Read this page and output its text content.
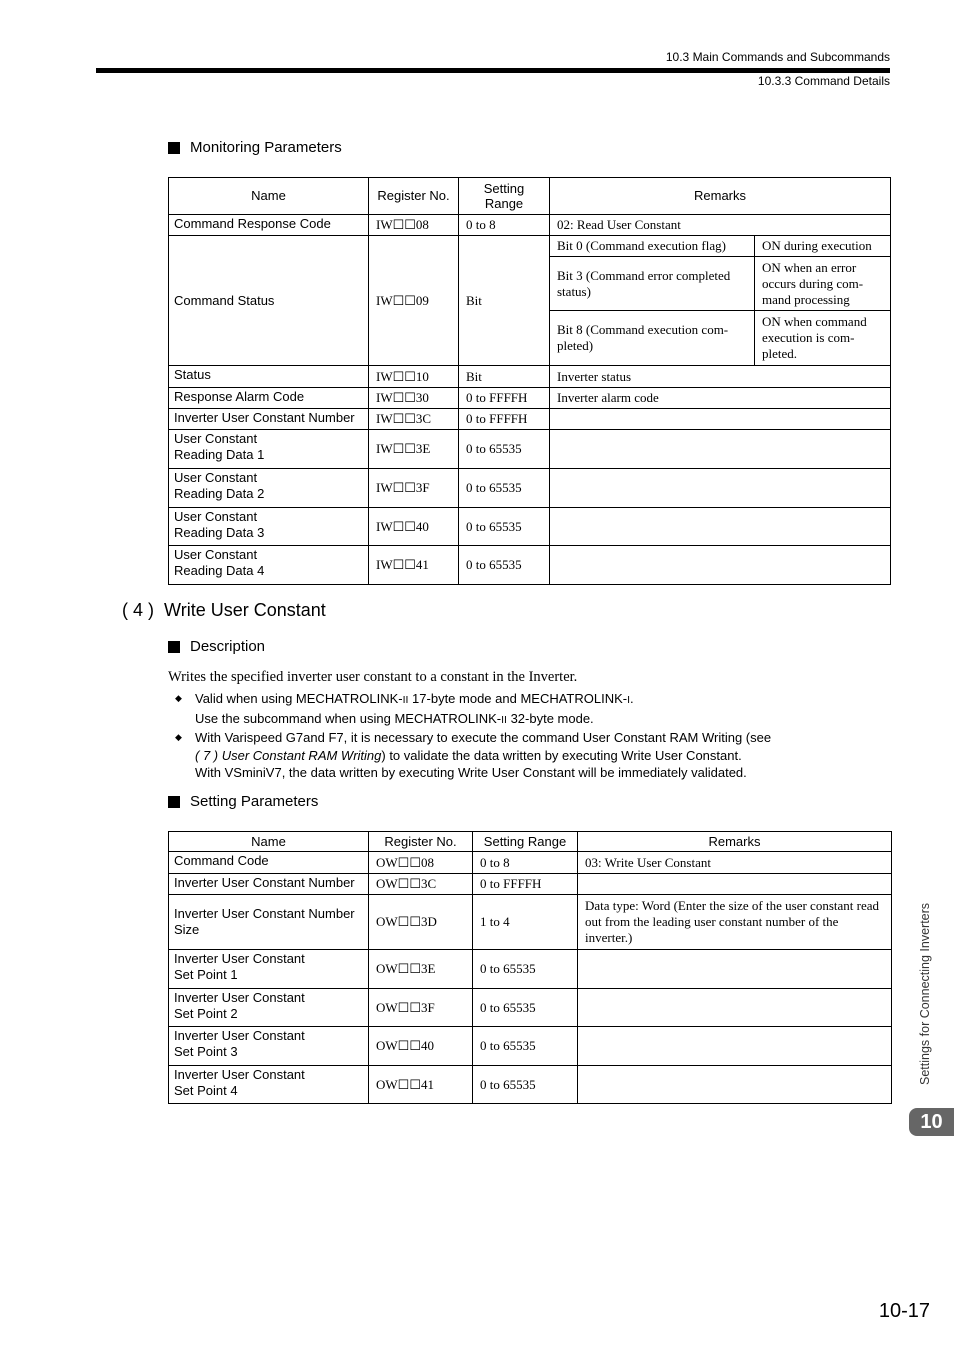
10.3 Main Commands and Subcommands
10.3.3 Command Details
Monitoring Parameters
Name	Register No.	Setting Range	Remarks	
Command Response Code	IW☐☐08	0 to 8	02: Read User Constant	
Command Status	IW☐☐09	Bit	Bit 0 (Command execution flag)	ON during execution
			Bit 3 (Command error completed status)	ON when an error occurs during com-mand processing
			Bit 8 (Command execution com-pleted)	ON when command execution is com-pleted.
Status	IW☐☐10	Bit	Inverter status	
Response Alarm Code	IW☐☐30	0 to FFFFH	Inverter alarm code	
Inverter User Constant Number	IW☐☐3C	0 to FFFFH		

User Constant
Reading Data 1	IW☐☐3E	0 to 65535		

User Constant
Reading Data 2	IW☐☐3F	0 to 65535		

User Constant
Reading Data 3	IW☐☐40	0 to 65535		

User Constant
Reading Data 4	IW☐☐41	0 to 65535		
( 4 ) Write User Constant
Description
Writes the specified inverter user constant to a constant in the Inverter.
◆	Valid when using MECHATROLINK-II 17-byte mode and MECHATROLINK-I.
Use the subcommand when using MECHATROLINK-II 32-byte mode.
◆	With Varispeed G7and F7, it is necessary to execute the command User Constant RAM Writing (see
( 7 ) User Constant RAM Writing) to validate the data written by executing Write User Constant.
With VSminiV7, the data written by executing Write User Constant will be immediately validated.
Setting Parameters
Name	Register No.	Setting Range	Remarks
Command Code	OW☐☐08	0 to 8	03: Write User Constant
Inverter User Constant Number	OW☐☐3C	0 to FFFFH	

Inverter User Constant Number
Size	OW☐☐3D	1 to 4	Data type: Word (Enter the size of the user constant read out from the leading user constant number of the inverter.)

Inverter User Constant
Set Point 1	OW☐☐3E	0 to 65535	

Inverter User Constant
Set Point 2	OW☐☐3F	0 to 65535	

Inverter User Constant
Set Point 3	OW☐☐40	0 to 65535	

Inverter User Constant
Set Point 4	OW☐☐41	0 to 65535		Settings for Connecting Inverters
10
10-17
